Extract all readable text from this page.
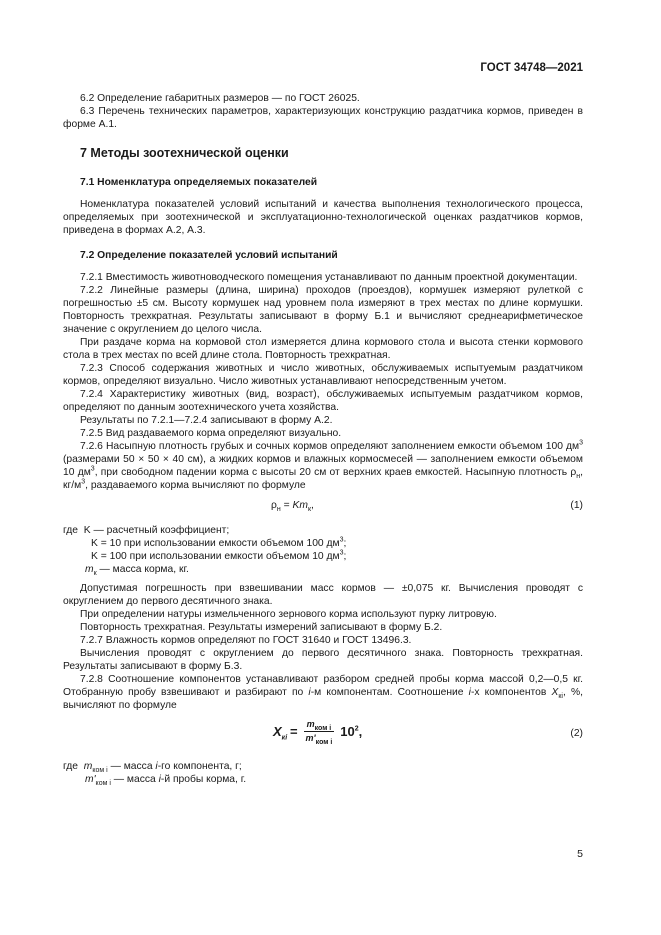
ГОСТ 34748—2021

6.2 Определение габаритных размеров — по ГОСТ 26025.

6.3 Перечень технических параметров, характеризующих конструкцию раздатчика кормов, приведен в форме А.1.

7 Методы зоотехнической оценки
7.1 Номенклатура определяемых показателей

Номенклатура показателей условий испытаний и качества выполнения технологического процесса, определяемых при зоотехнической и эксплуатационно-технологической оценках раздатчиков кормов, приведена в формах А.2, А.3.

7.2 Определение показателей условий испытаний

7.2.1 Вместимость животноводческого помещения устанавливают по данным проектной документации.

7.2.2 Линейные размеры (длина, ширина) проходов (проездов), кормушек измеряют рулеткой с погрешностью ±5 см. Высоту кормушек над уровнем пола измеряют в трех местах по длине кормушки. Повторность трехкратная. Результаты записывают в форму Б.1 и вычисляют среднеарифметическое значение с округлением до целого числа.

При раздаче корма на кормовой стол измеряется длина кормового стола и высота стенки кормового стола в трех местах по всей длине стола. Повторность трехкратная.

7.2.3 Способ содержания животных и число животных, обслуживаемых испытуемым раздатчиком кормов, определяют визуально. Число животных устанавливают непосредственным учетом.

7.2.4 Характеристику животных (вид, возраст), обслуживаемых испытуемым раздатчиком кормов, определяют по данным зоотехнического учета хозяйства.

Результаты по 7.2.1—7.2.4 записывают в форму А.2.

7.2.5 Вид раздаваемого корма определяют визуально.

7.2.6 Насыпную плотность грубых и сочных кормов определяют заполнением емкости объемом 100 $дм^3$ (размерами 50 × 50 × 40 см), а жидких кормов и влажных кормосмесей — заполнением емкости объемом 10 $дм^3$, при свободном падении корма с высоты 20 см от верхних краев емкостей. Насыпную плотность $\rho_н$, $кг/м^3$, раздаваемого корма вычисляют по формуле

$\rho_н = Km_к$,	(1)

где K — расчетный коэффициент;

K = 10 при использовании емкости объемом 100 $дм^3$;

K = 100 при использовании емкости объемом 10 $дм^3$;

$m_к$ — масса корма, кг.

Допустимая погрешность при взвешивании масс кормов — ±0,075 кг. Вычисления проводят с округлением до первого десятичного знака.

При определении натуры измельченного зернового корма используют пурку литровую.

Повторность трехкратная. Результаты измерений записывают в форму Б.2.

7.2.7 Влажность кормов определяют по ГОСТ 31640 и ГОСТ 13496.3.

Вычисления проводят с округлением до первого десятичного знака. Повторность трехкратная. Результаты записывают в форму Б.3.

7.2.8 Соотношение компонентов устанавливают разбором средней пробы корма массой 0,2—0,5 кг. Отобранную пробу взвешивают и разбирают по i-м компонентам. Соотношение i-х компонентов $X_{кi}$, %, вычисляют по формуле

$X_{кi} = \frac{m_{ком i}}{m'_{ком i}} 10^2$,	(2)

где $m_{ком i}$ — масса i-го компонента, г;

$m'_{ком i}$ — масса i-й пробы корма, г.

5
